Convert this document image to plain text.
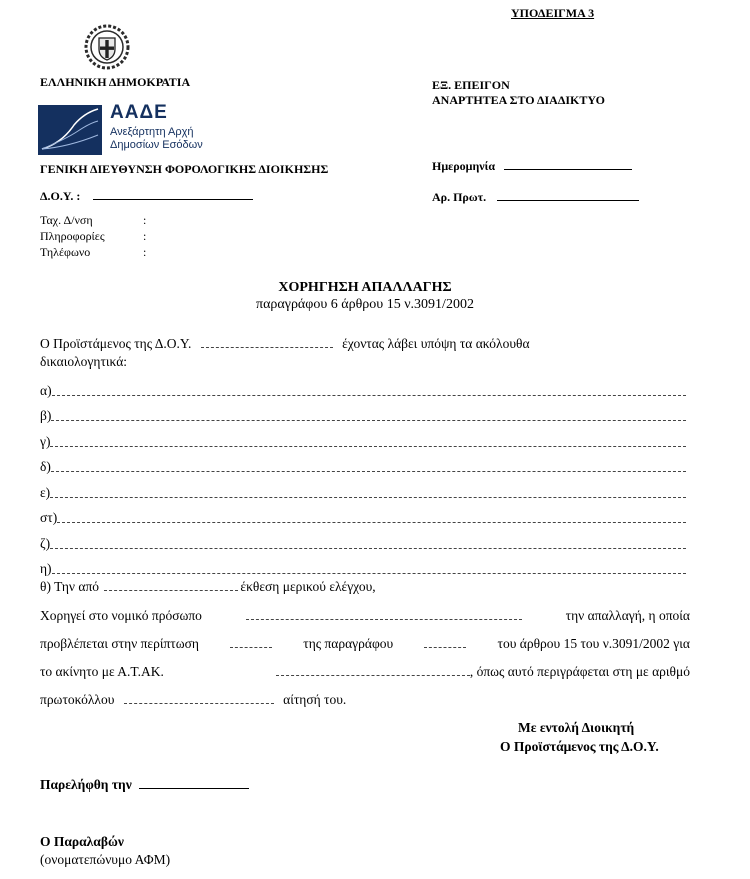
ΥΠΟΔΕΙΓΜΑ 3
ΕΛΛΗΝΙΚΗ ΔΗΜΟΚΡΑΤΙΑ
ΑΑΔΕ
Ανεξάρτητη Αρχή
Δημοσίων Εσόδων
ΓΕΝΙΚΗ ΔΙΕΥΘΥΝΣΗ ΦΟΡΟΛΟΓΙΚΗΣ ΔΙΟΙΚΗΣΗΣ
Δ.Ο.Υ. :
ΕΞ. ΕΠΕΙΓΟΝ
ΑΝΑΡΤΗΤΕΑ ΣΤΟ ΔΙΑΔΙΚΤΥΟ
Ημερομηνία
Αρ. Πρωτ.
Ταχ. Δ/νση	:
Πληροφορίες	:
Τηλέφωνο	:
ΧΟΡΗΓΗΣΗ ΑΠΑΛΛΑΓΗΣ
παραγράφου 6 άρθρου 15 ν.3091/2002
Ο Προϊστάμενος της Δ.Ο.Υ.	έχοντας λάβει υπόψη τα ακόλουθα
δικαιολογητικά:
α)
β)
γ)
δ)
ε)
στ)
ζ)
η)
θ) Την από	έκθεση μερικού ελέγχου,
Χορηγεί στο νομικό πρόσωπο	την απαλλαγή, η οποία
προβλέπεται στην περίπτωση	της παραγράφου	του άρθρου 15 του ν.3091/2002 για
το ακίνητο με Α.Τ.ΑΚ.	, όπως αυτό περιγράφεται στη με αριθμό
πρωτοκόλλου	αίτησή του.
Με εντολή Διοικητή
Ο Προϊστάμενος της Δ.Ο.Υ.
Παρελήφθη την
Ο Παραλαβών
(ονοματεπώνυμο ΑΦΜ)
